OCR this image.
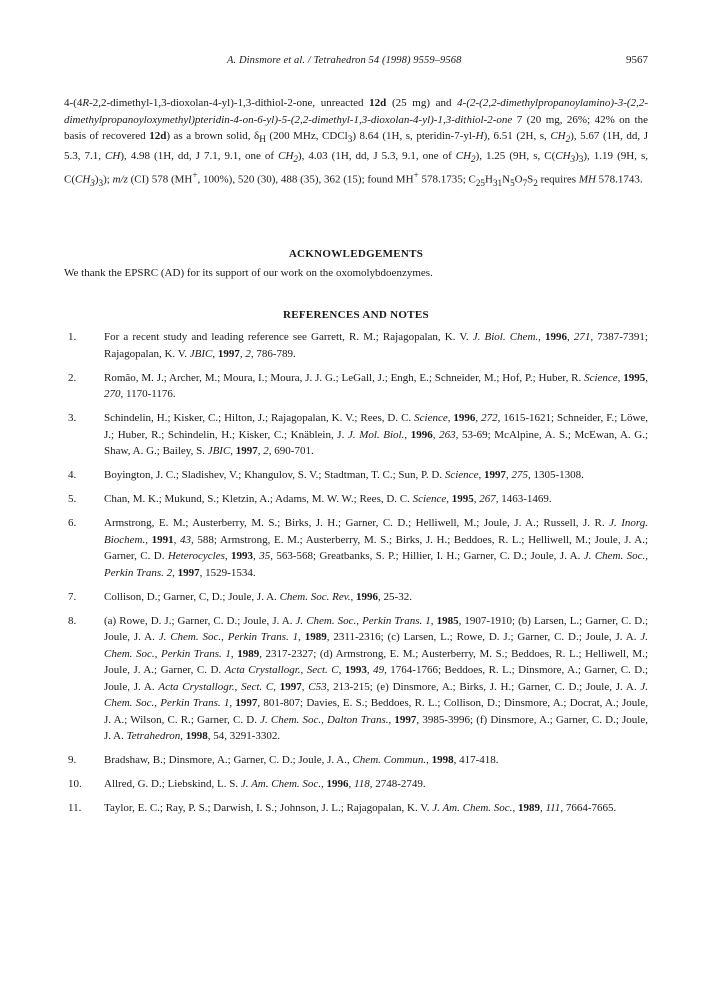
A. Dinsmore et al. / Tetrahedron 54 (1998) 9559–9568	9567
4-(4R-2,2-dimethyl-1,3-dioxolan-4-yl)-1,3-dithiol-2-one, unreacted 12d (25 mg) and 4-(2-(2,2-dimethylpropanoylamino)-3-(2,2-dimethylpropanoyloxymethyl)pteridin-4-on-6-yl)-5-(2,2-dimethyl-1,3-dioxolan-4-yl)-1,3-dithiol-2-one 7 (20 mg, 26%; 42% on the basis of recovered 12d) as a brown solid, $\delta_H$ (200 MHz, CDCl$_3$) 8.64 (1H, s, pteridin-7-yl-H), 6.51 (2H, s, $CH_2$), 5.67 (1H, dd, J 5.3, 7.1, CH), 4.98 (1H, dd, J 7.1, 9.1, one of $CH_2$), 4.03 (1H, dd, J 5.3, 9.1, one of $CH_2$), 1.25 (9H, s, $C(CH_3)_3$), 1.19 (9H, s, $C(CH_3)_3$); m/z (CI) 578 (MH+, 100%), 520 (30), 488 (35), 362 (15); found MH+ 578.1735; $C_{25}H_{31}N_5O_7S_2$ requires MH 578.1743.
ACKNOWLEDGEMENTS
We thank the EPSRC (AD) for its support of our work on the oxomolybdoenzymes.
REFERENCES AND NOTES
1.	For a recent study and leading reference see Garrett, R. M.; Rajagopalan, K. V. J. Biol. Chem., 1996, 271, 7387-7391; Rajagopalan, K. V. JBIC, 1997, 2, 786-789.
2.	Romão, M. J.; Archer, M.; Moura, I.; Moura, J. J. G.; LeGall, J.; Engh, E.; Schneider, M.; Hof, P.; Huber, R. Science, 1995, 270, 1170-1176.
3.	Schindelin, H.; Kisker, C.; Hilton, J.; Rajagopalan, K. V.; Rees, D. C. Science, 1996, 272, 1615-1621; Schneider, F.; Löwe, J.; Huber, R.; Schindelin, H.; Kisker, C.; Knäblein, J. J. Mol. Biol., 1996, 263, 53-69; McAlpine, A. S.; McEwan, A. G.; Shaw, A. G.; Bailey, S. JBIC, 1997, 2, 690-701.
4.	Boyington, J. C.; Sladishev, V.; Khangulov, S. V.; Stadtman, T. C.; Sun, P. D. Science, 1997, 275, 1305-1308.
5.	Chan, M. K.; Mukund, S.; Kletzin, A.; Adams, M. W. W.; Rees, D. C. Science, 1995, 267, 1463-1469.
6.	Armstrong, E. M.; Austerberry, M. S.; Birks, J. H.; Garner, C. D.; Helliwell, M.; Joule, J. A.; Russell, J. R. J. Inorg. Biochem., 1991, 43, 588; Armstrong, E. M.; Austerberry, M. S.; Birks, J. H.; Beddoes, R. L.; Helliwell, M.; Joule, J. A.; Garner, C. D. Heterocycles, 1993, 35, 563-568; Greatbanks, S. P.; Hillier, I. H.; Garner, C. D.; Joule, J. A. J. Chem. Soc., Perkin Trans. 2, 1997, 1529-1534.
7.	Collison, D.; Garner, C, D.; Joule, J. A. Chem. Soc. Rev., 1996, 25-32.
8.	(a) Rowe, D. J.; Garner, C. D.; Joule, J. A. J. Chem. Soc., Perkin Trans. 1, 1985, 1907-1910; (b) Larsen, L.; Garner, C. D.; Joule, J. A. J. Chem. Soc., Perkin Trans. 1, 1989, 2311-2316; (c) Larsen, L.; Rowe, D. J.; Garner, C. D.; Joule, J. A. J. Chem. Soc., Perkin Trans. 1, 1989, 2317-2327; (d) Armstrong, E. M.; Austerberry, M. S.; Beddoes, R. L.; Helliwell, M.; Joule, J. A.; Garner, C. D. Acta Crystallogr., Sect. C, 1993, 49, 1764-1766; Beddoes, R. L.; Dinsmore, A.; Garner, C. D.; Joule, J. A. Acta Crystallogr., Sect. C, 1997, C53, 213-215; (e) Dinsmore, A.; Birks, J. H.; Garner, C. D.; Joule, J. A. J. Chem. Soc., Perkin Trans. 1, 1997, 801-807; Davies, E. S.; Beddoes, R. L.; Collison, D.; Dinsmore, A.; Docrat, A.; Joule, J. A.; Wilson, C. R.; Garner, C. D. J. Chem. Soc., Dalton Trans., 1997, 3985-3996; (f) Dinsmore, A.; Garner, C. D.; Joule, J. A. Tetrahedron, 1998, 54, 3291-3302.
9.	Bradshaw, B.; Dinsmore, A.; Garner, C. D.; Joule, J. A., Chem. Commun., 1998, 417-418.
10. Allred, G. D.; Liebskind, L. S. J. Am. Chem. Soc., 1996, 118, 2748-2749.
11. Taylor, E. C.; Ray, P. S.; Darwish, I. S.; Johnson, J. L.; Rajagopalan, K. V. J. Am. Chem. Soc., 1989, 111, 7664-7665.
